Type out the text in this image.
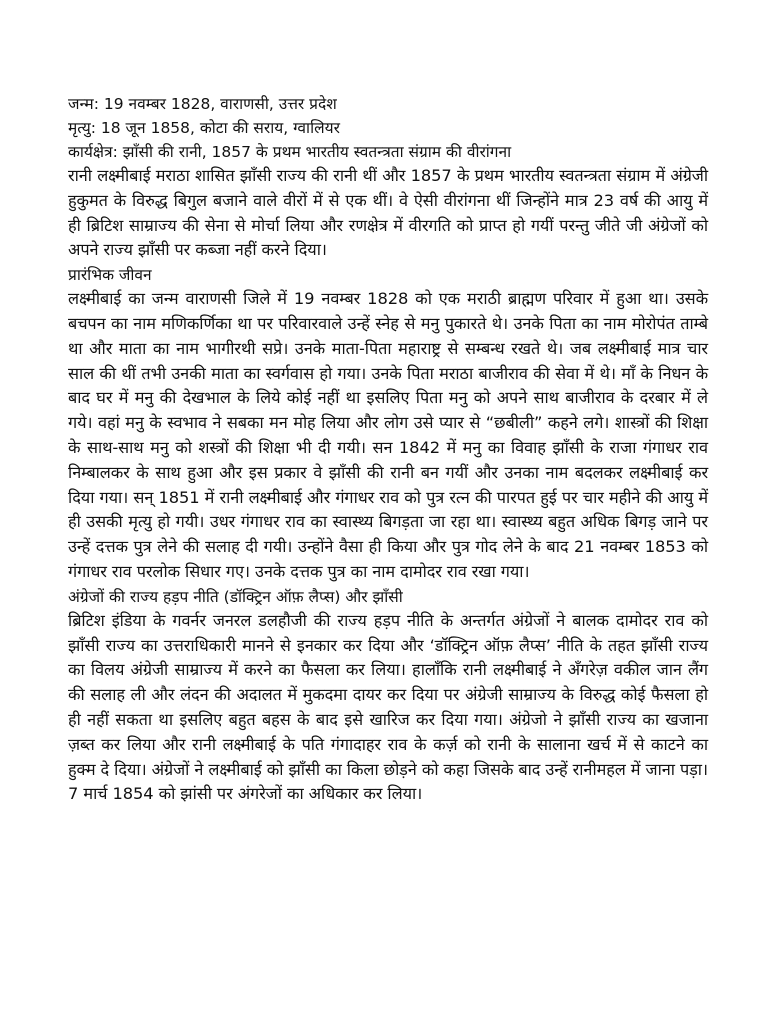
जन्म: 19 नवम्बर 1828, वाराणसी, उत्तर प्रदेश
मृत्यु: 18 जून 1858, कोटा की सराय, ग्वालियर
कार्यक्षेत्र: झाँसी की रानी, 1857 के प्रथम भारतीय स्वतन्त्रता संग्राम की वीरांगना

रानी लक्ष्मीबाई मराठा शासित झाँसी राज्य की रानी थीं और 1857 के प्रथम भारतीय स्वतन्त्रता संग्राम में अंग्रेजी हुकुमत के विरुद्ध बिगुल बजाने वाले वीरों में से एक थीं। वे ऐसी वीरांगना थीं जिन्होंने मात्र 23 वर्ष की आयु में ही ब्रिटिश साम्राज्य की सेना से मोर्चा लिया और रणक्षेत्र में वीरगति को प्राप्त हो गयीं परन्तु जीते जी अंग्रेजों को अपने राज्य झाँसी पर कब्जा नहीं करने दिया।

प्रारंभिक जीवन

लक्ष्मीबाई का जन्म वाराणसी जिले में 19 नवम्बर 1828 को एक मराठी ब्राह्मण परिवार में हुआ था। उसके बचपन का नाम मणिकर्णिका था पर परिवारवाले उन्हें स्नेह से मनु पुकारते थे। उनके पिता का नाम मोरोपंत ताम्बे था और माता का नाम भागीरथी सप्रे। उनके माता-पिता महाराष्ट्र से सम्बन्ध रखते थे। जब लक्ष्मीबाई मात्र चार साल की थीं तभी उनकी माता का स्वर्गवास हो गया। उनके पिता मराठा बाजीराव की सेवा में थे। माँ के निधन के बाद घर में मनु की देखभाल के लिये कोई नहीं था इसलिए पिता मनु को अपने साथ बाजीराव के दरबार में ले गये। वहां मनु के स्वभाव ने सबका मन मोह लिया और लोग उसे प्यार से “छबीली” कहने लगे। शास्त्रों की शिक्षा के साथ-साथ मनु को शस्त्रों की शिक्षा भी दी गयी। सन 1842 में मनु का विवाह झाँसी के राजा गंगाधर राव निम्बालकर के साथ हुआ और इस प्रकार वे झाँसी की रानी बन गयीं और उनका नाम बदलकर लक्ष्मीबाई कर दिया गया। सन् 1851 में रानी लक्ष्मीबाई और गंगाधर राव को पुत्र रत्न की पारपत हुई पर चार महीने की आयु में ही उसकी मृत्यु हो गयी। उधर गंगाधर राव का स्वास्थ्य बिगड़ता जा रहा था। स्वास्थ्य बहुत अधिक बिगड़ जाने पर उन्हें दत्तक पुत्र लेने की सलाह दी गयी। उन्होंने वैसा ही किया और पुत्र गोद लेने के बाद 21 नवम्बर 1853 को गंगाधर राव परलोक सिधार गए। उनके दत्तक पुत्र का नाम दामोदर राव रखा गया।

अंग्रेजों की राज्य हड़प नीति (डॉक्ट्रिन ऑफ़ लैप्स) और झाँसी

ब्रिटिश इंडिया के गवर्नर जनरल डलहौजी की राज्य हड़प नीति के अन्तर्गत अंग्रेजों ने बालक दामोदर राव को झाँसी राज्य का उत्तराधिकारी मानने से इनकार कर दिया और ‘डॉक्ट्रिन ऑफ़ लैप्स’ नीति के तहत झाँसी राज्य का विलय अंग्रेजी साम्राज्य में करने का फैसला कर लिया। हालाँकि रानी लक्ष्मीबाई ने अँगरेज़ वकील जान लैंग की सलाह ली और लंदन की अदालत में मुकदमा दायर कर दिया पर अंग्रेजी साम्राज्य के विरुद्ध कोई फैसला हो ही नहीं सकता था इसलिए बहुत बहस के बाद इसे खारिज कर दिया गया। अंग्रेजो ने झाँसी राज्य का खजाना ज़ब्त कर लिया और रानी लक्ष्मीबाई के पति गंगादाहर राव के कर्ज़ को रानी के सालाना खर्च में से काटने का हुक्म दे दिया। अंग्रेजों ने लक्ष्मीबाई को झाँसी का किला छोड़ने को कहा जिसके बाद उन्हें रानीमहल में जाना पड़ा। 7 मार्च 1854 को झांसी पर अंगरेजों का अधिकार कर लिया।
